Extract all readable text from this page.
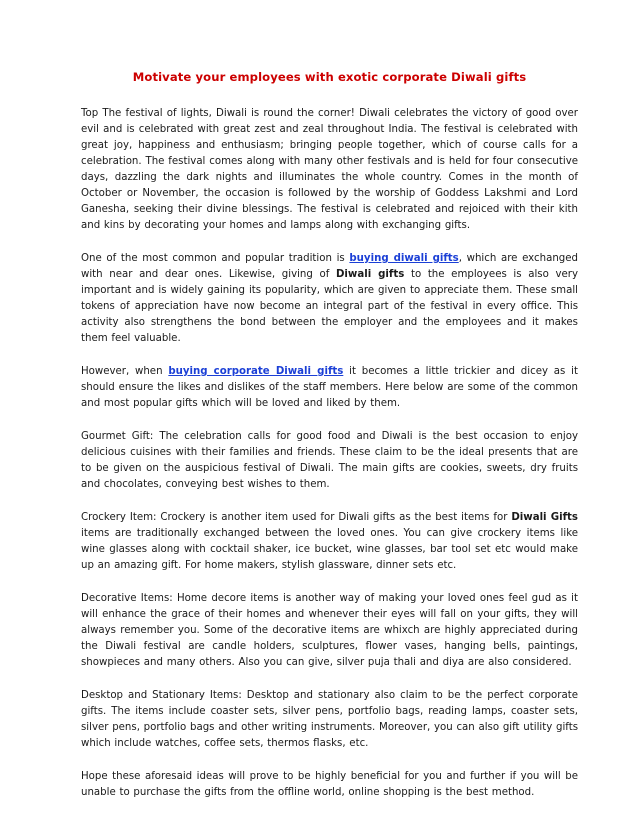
Motivate your employees with exotic corporate Diwali gifts

Top The festival of lights, Diwali is round the corner! Diwali celebrates the victory of good over evil and is celebrated with great zest and zeal throughout India. The festival is celebrated with great joy, happiness and enthusiasm; bringing people together, which of course calls for a celebration. The festival comes along with many other festivals and is held for four consecutive days, dazzling the dark nights and illuminates the whole country. Comes in the month of October or November, the occasion is followed by the worship of Goddess Lakshmi and Lord Ganesha, seeking their divine blessings. The festival is celebrated and rejoiced with their kith and kins by decorating your homes and lamps along with exchanging gifts.

One of the most common and popular tradition is buying diwali gifts, which are exchanged with near and dear ones. Likewise, giving of Diwali gifts to the employees is also very important and is widely gaining its popularity, which are given to appreciate them. These small tokens of appreciation have now become an integral part of the festival in every office. This activity also strengthens the bond between the employer and the employees and it makes them feel valuable.

However, when buying corporate Diwali gifts it becomes a little trickier and dicey as it should ensure the likes and dislikes of the staff members. Here below are some of the common and most popular gifts which will be loved and liked by them.

Gourmet Gift: The celebration calls for good food and Diwali is the best occasion to enjoy delicious cuisines with their families and friends. These claim to be the ideal presents that are to be given on the auspicious festival of Diwali. The main gifts are cookies, sweets, dry fruits and chocolates, conveying best wishes to them.

Crockery Item: Crockery is another item used for Diwali gifts as the best items for Diwali Gifts items are traditionally exchanged between the loved ones. You can give crockery items like wine glasses along with cocktail shaker, ice bucket, wine glasses, bar tool set etc would make up an amazing gift. For home makers, stylish glassware, dinner sets etc.

Decorative Items: Home decore items is another way of making your loved ones feel gud as it will enhance the grace of their homes and whenever their eyes will fall on your gifts, they will always remember you. Some of the decorative items are whixch are highly appreciated during the Diwali festival are candle holders, sculptures, flower vases, hanging bells, paintings, showpieces and many others. Also you can give, silver puja thali and diya are also considered.

Desktop and Stationary Items: Desktop and stationary also claim to be the perfect corporate gifts. The items include coaster sets, silver pens, portfolio bags, reading lamps, coaster sets, silver pens, portfolio bags and other writing instruments. Moreover, you can also gift utility gifts which include watches, coffee sets, thermos flasks, etc.

Hope these aforesaid ideas will prove to be highly beneficial for you and further if you will be unable to purchase the gifts from the offline world, online shopping is the best method.
